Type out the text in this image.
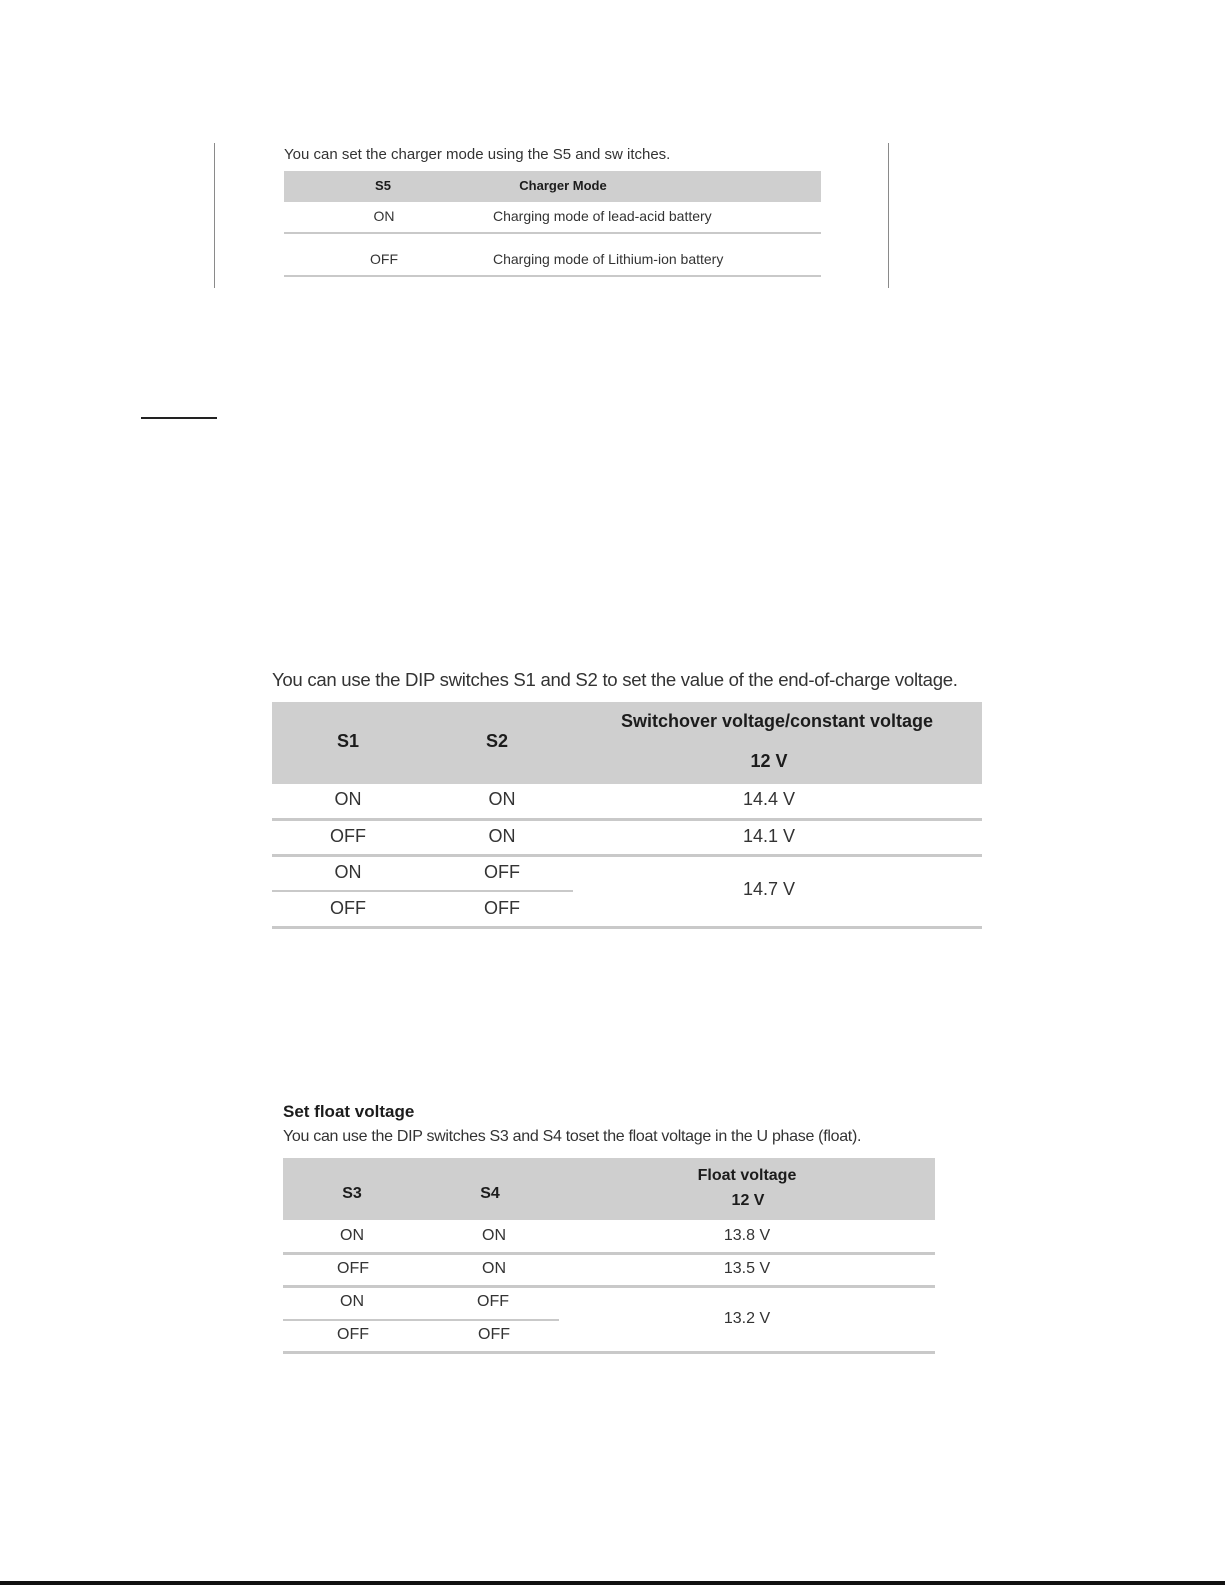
You can set the charger mode using the S5 and sw itches.
S5	Charger Mode
ON	Charging mode of lead-acid battery
OFF	Charging mode of Lithium-ion battery
You can use the DIP switches S1 and S2 to set the value of the end-of-charge voltage.
S1	S2
Switchover voltage/constant voltage
12 V
ON	ON	14.4 V
OFF	ON	14.1 V
ON	OFF
14.7 V
OFF	OFF
Set float voltage
You can use the DIP switches S3 and S4 toset the float voltage in the U phase (float).
S3	S4
Float voltage
12 V
ON	ON	13.8 V
OFF	ON	13.5 V
ON	OFF
13.2 V
OFF	OFF
